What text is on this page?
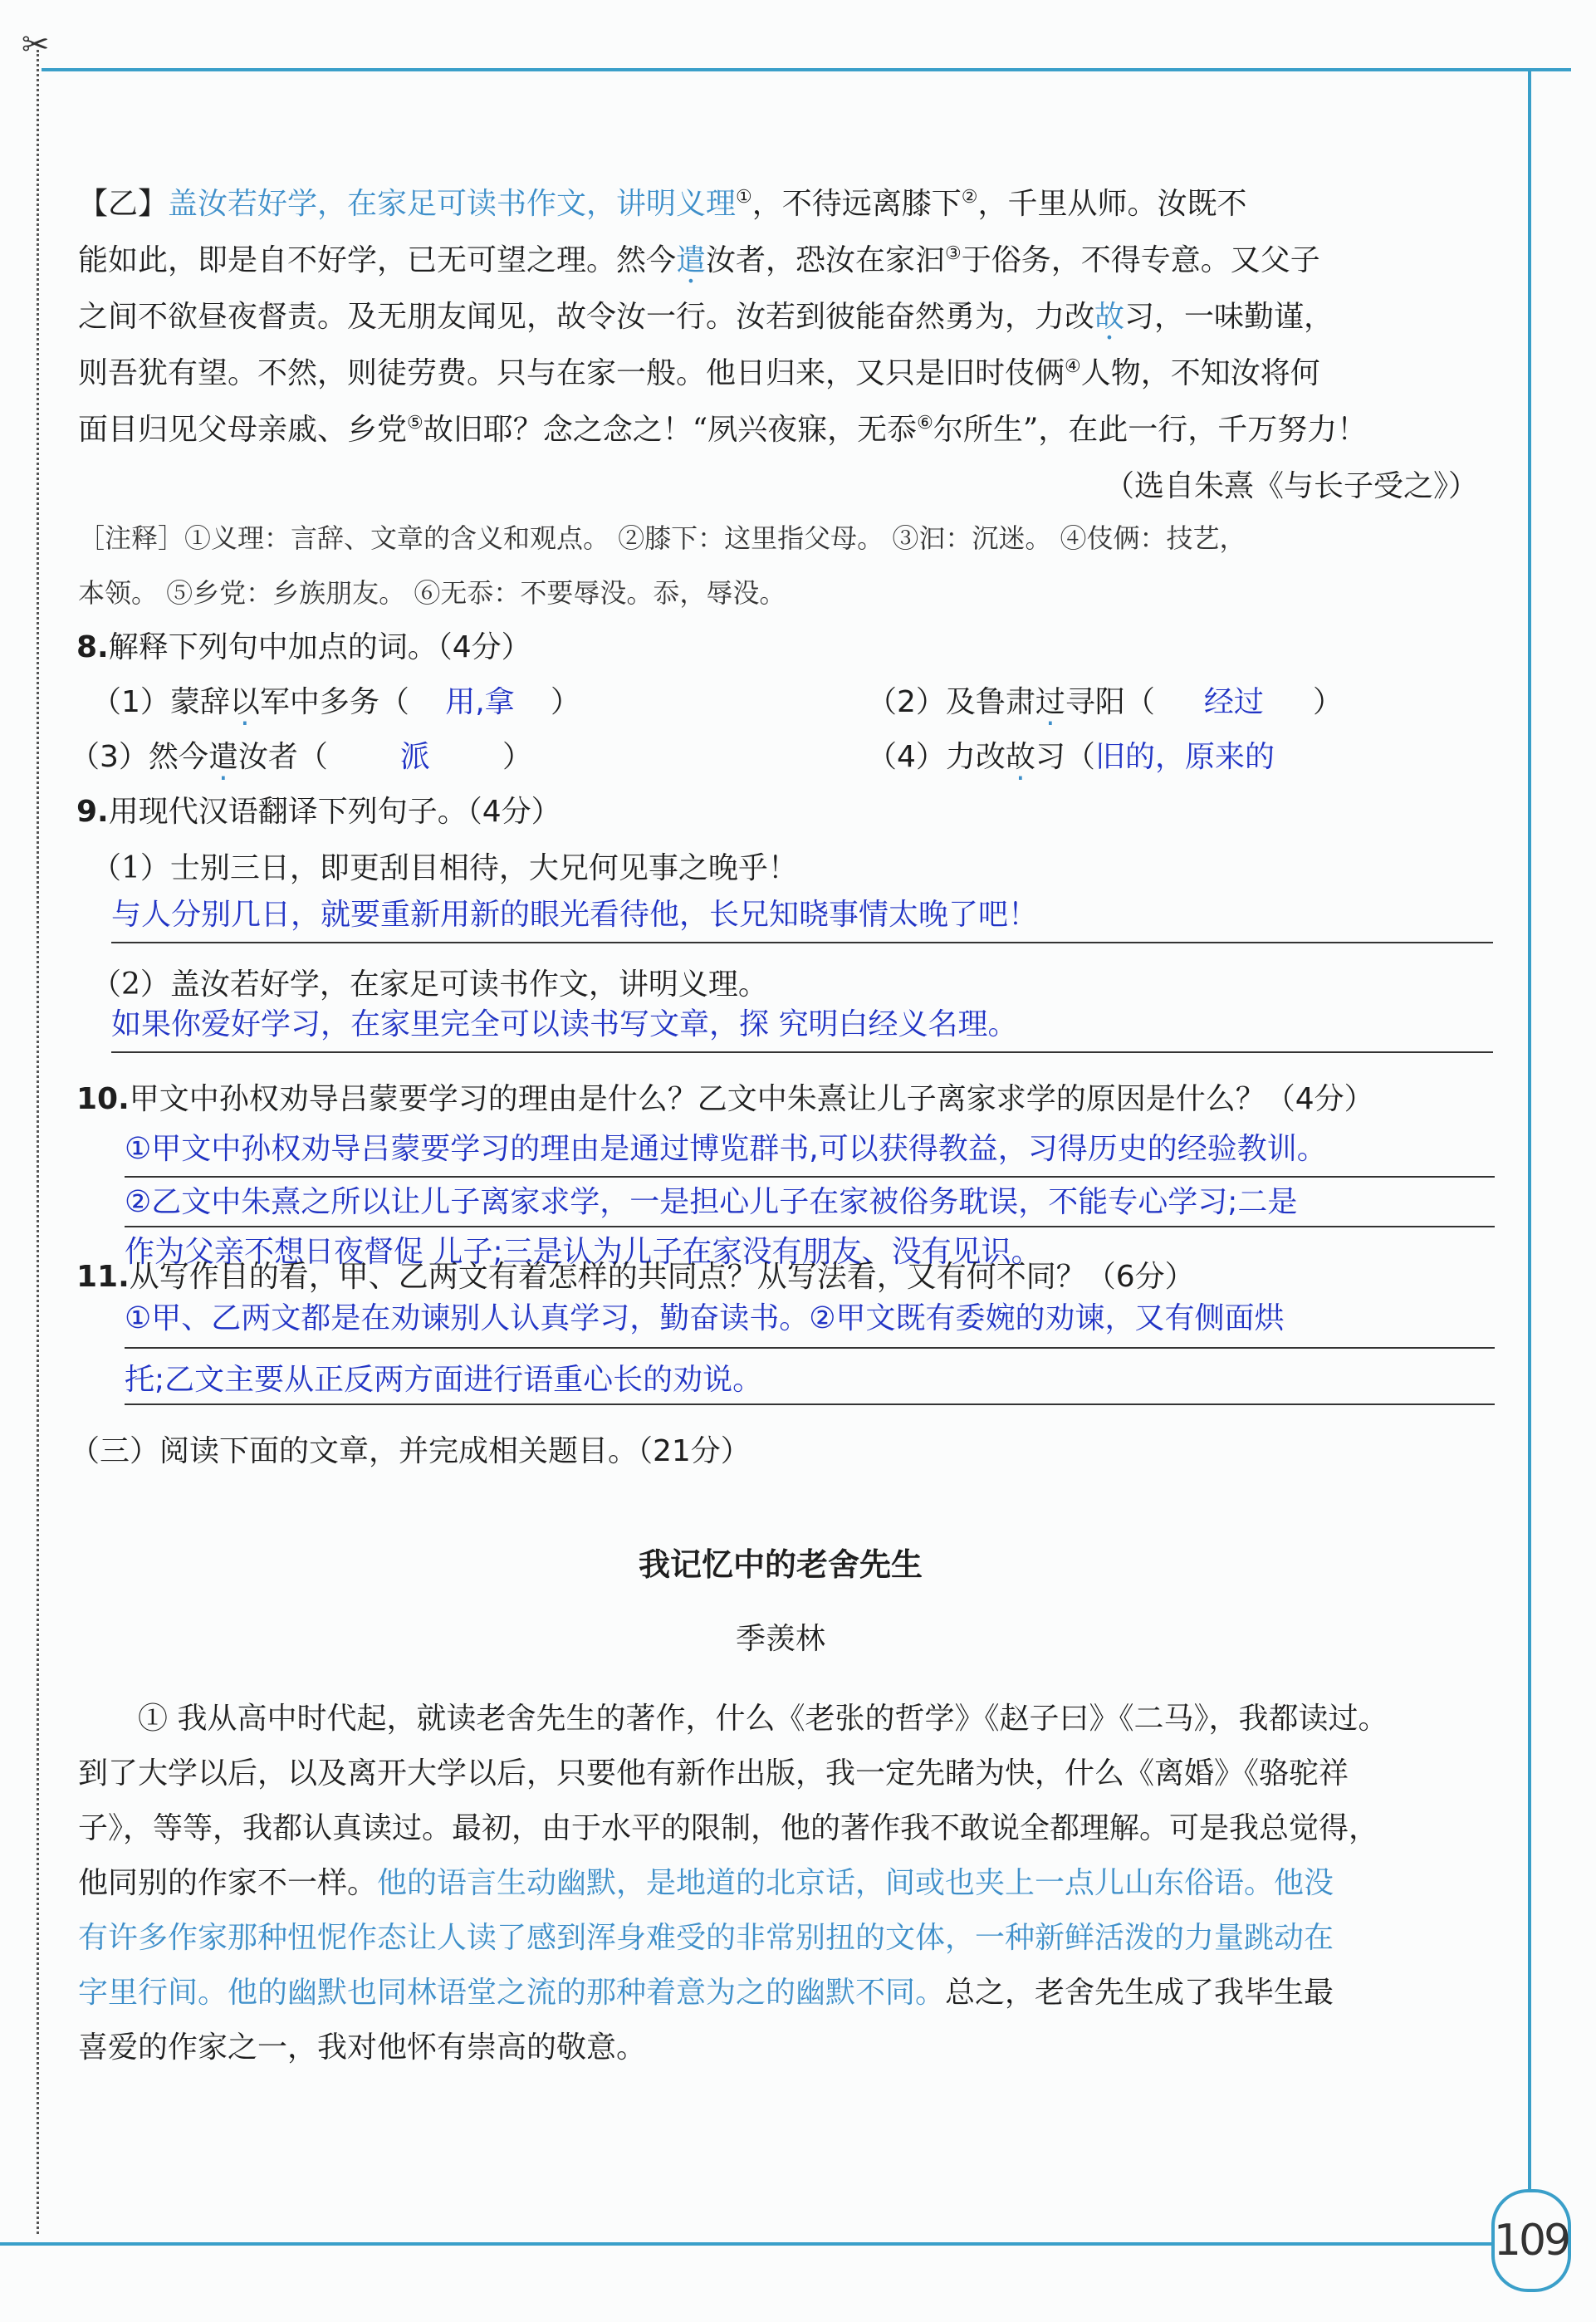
✂
【乙】盖汝若好学，在家足可读书作文，讲明义理①，不待远离膝下②，千里从师。汝既不
能如此，即是自不好学，已无可望之理。然今遣汝者，恐汝在家汩③于俗务，不得专意。又父子
之间不欲昼夜督责。及无朋友闻见，故令汝一行。汝若到彼能奋然勇为，力改故习，一味勤谨，
则吾犹有望。不然，则徒劳费。只与在家一般。他日归来，又只是旧时伎俩④人物，不知汝将何
面目归见父母亲戚、乡党⑤故旧耶？念之念之！“夙兴夜寐，无忝⑥尔所生”，在此一行，千万努力！
（选自朱熹《与长子受之》）
［注释］①义理：言辞、文章的含义和观点。 ②膝下：这里指父母。 ③汩：沉迷。 ④伎俩：技艺，
本领。 ⑤乡党：乡族朋友。 ⑥无忝：不要辱没。忝，辱没。
8.解释下列句中加点的词。（4分）
（1）蒙辞以军中多务（ 用,拿 ）	（2）及鲁肃过寻阳（ 经过 ）
（3）然今遣汝者（ 派 ）	（4）力改故习（旧的，原来的
9.用现代汉语翻译下列句子。（4分）
（1）士别三日，即更刮目相待，大兄何见事之晚乎！
与人分别几日，就要重新用新的眼光看待他，长兄知晓事情太晚了吧！
（2）盖汝若好学，在家足可读书作文，讲明义理。
如果你爱好学习，在家里完全可以读书写文章，探 究明白经义名理。
10.甲文中孙权劝导吕蒙要学习的理由是什么？乙文中朱熹让儿子离家求学的原因是什么？（4分）
①甲文中孙权劝导吕蒙要学习的理由是通过博览群书,可以获得教益，习得历史的经验教训。
②乙文中朱熹之所以让儿子离家求学，一是担心儿子在家被俗务耽误，不能专心学习;二是
作为父亲不想日夜督促 儿子;三是认为儿子在家没有朋友、没有见识。
11.从写作目的看，甲、乙两文有着怎样的共同点？从写法看，又有何不同？（6分）
①甲、乙两文都是在劝谏别人认真学习，勤奋读书。②甲文既有委婉的劝谏，又有侧面烘
托;乙文主要从正反两方面进行语重心长的劝说。
（三）阅读下面的文章，并完成相关题目。（21分）
我记忆中的老舍先生
季羡林
① 我从高中时代起，就读老舍先生的著作，什么《老张的哲学》《赵子曰》《二马》，我都读过。
到了大学以后，以及离开大学以后，只要他有新作出版，我一定先睹为快，什么《离婚》《骆驼祥
子》，等等，我都认真读过。最初，由于水平的限制，他的著作我不敢说全都理解。可是我总觉得，
他同别的作家不一样。他的语言生动幽默，是地道的北京话，间或也夹上一点儿山东俗语。他没
有许多作家那种忸怩作态让人读了感到浑身难受的非常别扭的文体，一种新鲜活泼的力量跳动在
字里行间。他的幽默也同林语堂之流的那种着意为之的幽默不同。总之，老舍先生成了我毕生最
喜爱的作家之一，我对他怀有崇高的敬意。
109
